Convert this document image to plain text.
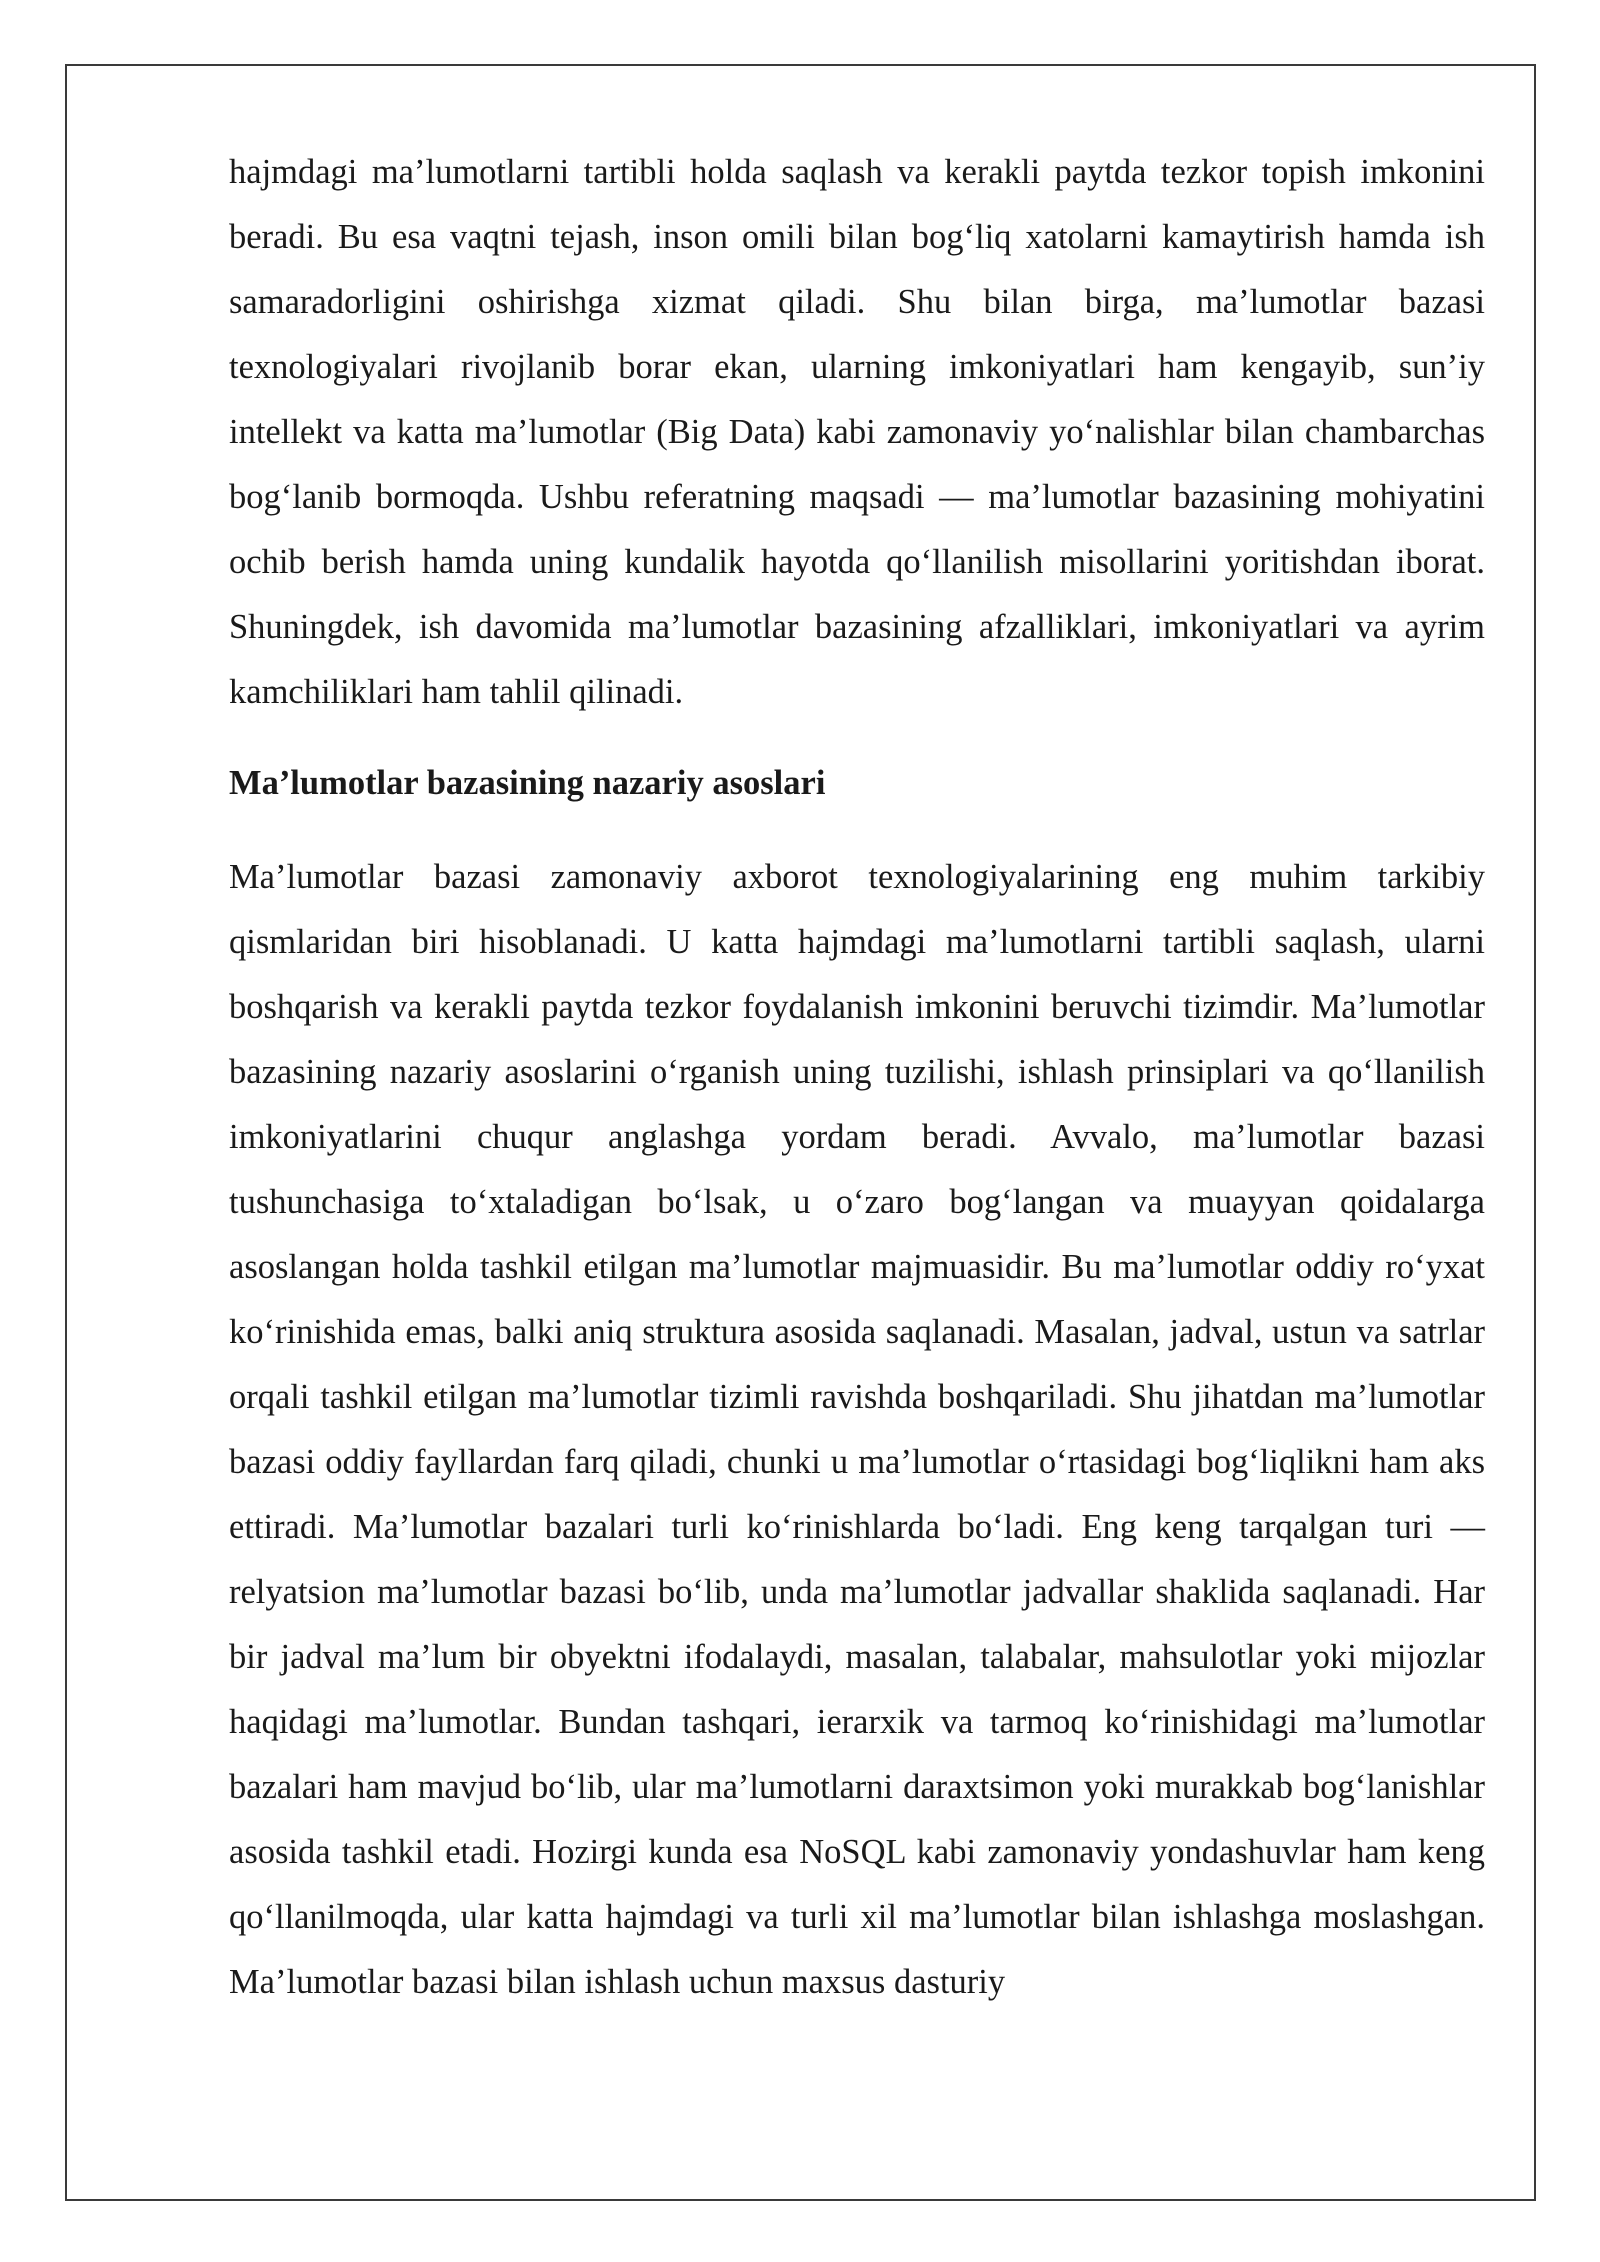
hajmdagi ma’lumotlarni tartibli holda saqlash va kerakli paytda tezkor topish imkonini beradi. Bu esa vaqtni tejash, inson omili bilan bog‘liq xatolarni kamaytirish hamda ish samaradorligini oshirishga xizmat qiladi. Shu bilan birga, ma’lumotlar bazasi texnologiyalari rivojlanib borar ekan, ularning imkoniyatlari ham kengayib, sun’iy intellekt va katta ma’lumotlar (Big Data) kabi zamonaviy yo‘nalishlar bilan chambarchas bog‘lanib bormoqda. Ushbu referatning maqsadi — ma’lumotlar bazasining mohiyatini ochib berish hamda uning kundalik hayotda qo‘llanilish misollarini yoritishdan iborat. Shuningdek, ish davomida ma’lumotlar bazasining afzalliklari, imkoniyatlari va ayrim kamchiliklari ham tahlil qilinadi.

Ma’lumotlar bazasining nazariy asoslari

Ma’lumotlar bazasi zamonaviy axborot texnologiyalarining eng muhim tarkibiy qismlaridan biri hisoblanadi. U katta hajmdagi ma’lumotlarni tartibli saqlash, ularni boshqarish va kerakli paytda tezkor foydalanish imkonini beruvchi tizimdir. Ma’lumotlar bazasining nazariy asoslarini o‘rganish uning tuzilishi, ishlash prinsiplari va qo‘llanilish imkoniyatlarini chuqur anglashga yordam beradi. Avvalo, ma’lumotlar bazasi tushunchasiga to‘xtaladigan bo‘lsak, u o‘zaro bog‘langan va muayyan qoidalarga asoslangan holda tashkil etilgan ma’lumotlar majmuasidir. Bu ma’lumotlar oddiy ro‘yxat ko‘rinishida emas, balki aniq struktura asosida saqlanadi. Masalan, jadval, ustun va satrlar orqali tashkil etilgan ma’lumotlar tizimli ravishda boshqariladi. Shu jihatdan ma’lumotlar bazasi oddiy fayllardan farq qiladi, chunki u ma’lumotlar o‘rtasidagi bog‘liqlikni ham aks ettiradi. Ma’lumotlar bazalari turli ko‘rinishlarda bo‘ladi. Eng keng tarqalgan turi — relyatsion ma’lumotlar bazasi bo‘lib, unda ma’lumotlar jadvallar shaklida saqlanadi. Har bir jadval ma’lum bir obyektni ifodalaydi, masalan, talabalar, mahsulotlar yoki mijozlar haqidagi ma’lumotlar. Bundan tashqari, ierarxik va tarmoq ko‘rinishidagi ma’lumotlar bazalari ham mavjud bo‘lib, ular ma’lumotlarni daraxtsimon yoki murakkab bog‘lanishlar asosida tashkil etadi. Hozirgi kunda esa NoSQL kabi zamonaviy yondashuvlar ham keng qo‘llanilmoqda, ular katta hajmdagi va turli xil ma’lumotlar bilan ishlashga moslashgan. Ma’lumotlar bazasi bilan ishlash uchun maxsus dasturiy
